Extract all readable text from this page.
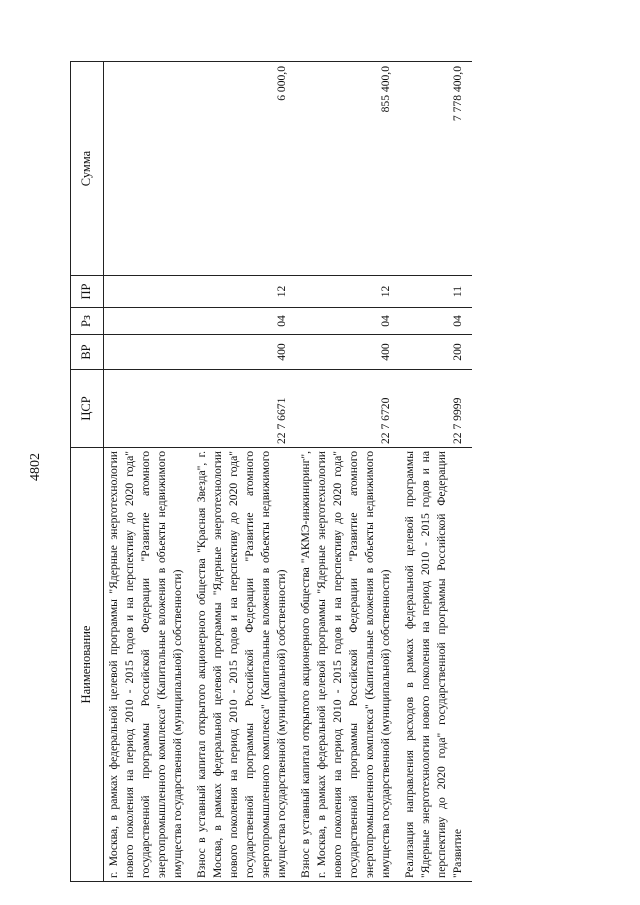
4802
Наименование	ЦСР	ВР	Рз	ПР	Сумма
г. Москва, в рамках федеральной целевой программы "Ядерные энерготехнологии нового поколения на период 2010 - 2015 годов и на перспективу до 2020 года" государственной программы Российской Федерации "Развитие атомного энергопромышленного комплекса" (Капитальные вложения в объекты недвижимого имущества государственной (муниципальной) собственности)					
Взнос в уставный капитал открытого акционерного общества "Красная Звезда", г. Москва, в рамках федеральной целевой программы "Ядерные энерготехнологии нового поколения на период 2010 - 2015 годов и на перспективу до 2020 года" государственной программы Российской Федерации "Развитие атомного энергопромышленного комплекса" (Капитальные вложения в объекты недвижимого имущества государственной (муниципальной) собственности)	22 7 6671	400	04	12	6 000,0
Взнос в уставный капитал открытого акционерного общества "АКМЭ-инжиниринг", г. Москва, в рамках федеральной целевой программы "Ядерные энерготехнологии нового поколения на период 2010 - 2015 годов и на перспективу до 2020 года" государственной программы Российской Федерации "Развитие атомного энергопромышленного комплекса" (Капитальные вложения в объекты недвижимого имущества государственной (муниципальной) собственности)	22 7 6720	400	04	12	855 400,0
Реализация направления расходов в рамках федеральной целевой программы "Ядерные энерготехнологии нового поколения на период 2010 - 2015 годов и на перспективу до 2020 года" государственной программы Российской Федерации "Развитие	22 7 9999	200	04	11	7 778 400,0
